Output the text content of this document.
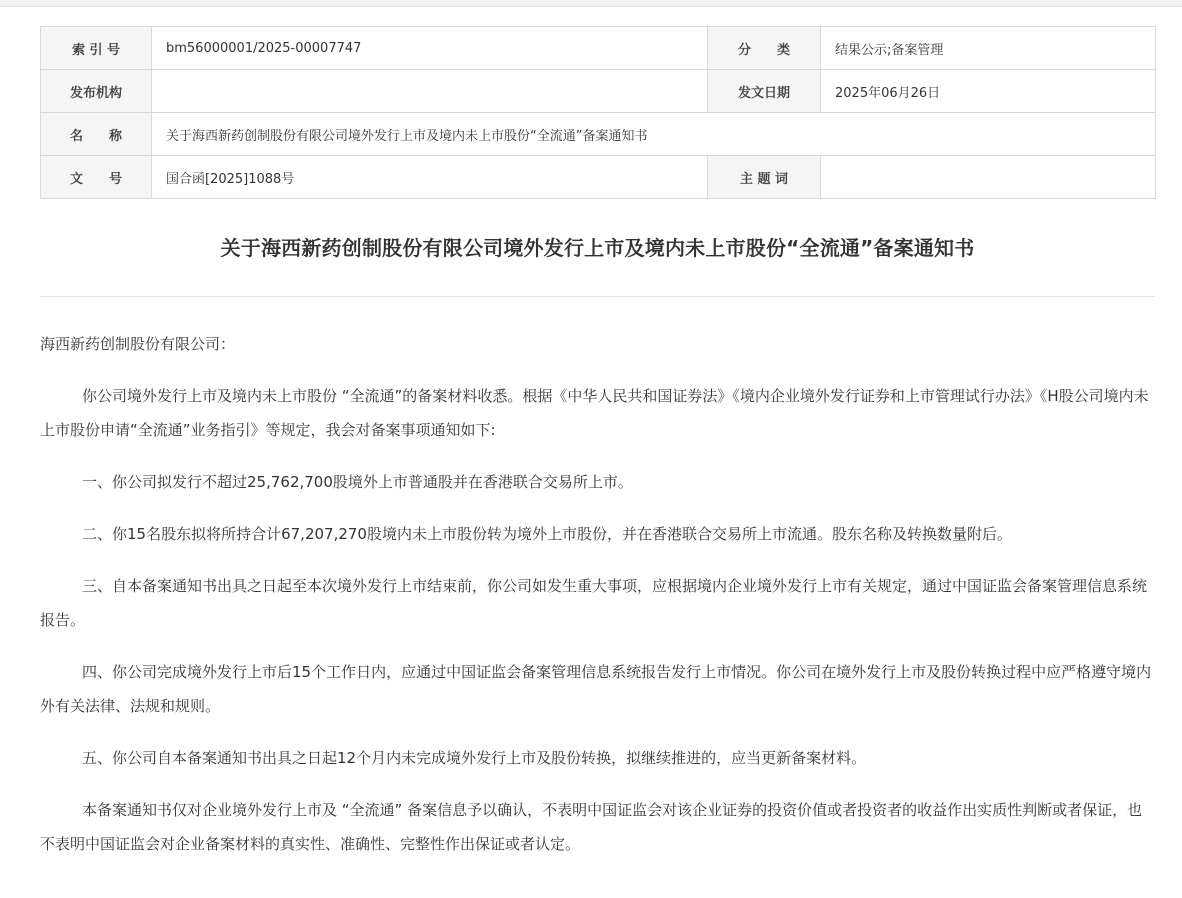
索 引 号	bm56000001/2025-00007747	分　　类	结果公示;备案管理
发布机构		发文日期	2025年06月26日
名　　称	关于海西新药创制股份有限公司境外发行上市及境内未上市股份“全流通”备案通知书		
文　　号	国合函[2025]1088号	主 题 词	
关于海西新药创制股份有限公司境外发行上市及境内未上市股份“全流通”备案通知书

海西新药创制股份有限公司：

你公司境外发行上市及境内未上市股份 “全流通”的备案材料收悉。根据《中华人民共和国证券法》《境内企业境外发行证券和上市管理试行办法》《H股公司境内未上市股份申请“全流通”业务指引》等规定，我会对备案事项通知如下:

一、你公司拟发行不超过25,762,700股境外上市普通股并在香港联合交易所上市。

二、你15名股东拟将所持合计67,207,270股境内未上市股份转为境外上市股份，并在香港联合交易所上市流通。股东名称及转换数量附后。

三、自本备案通知书出具之日起至本次境外发行上市结束前，你公司如发生重大事项，应根据境内企业境外发行上市有关规定，通过中国证监会备案管理信息系统报告。

四、你公司完成境外发行上市后15个工作日内，应通过中国证监会备案管理信息系统报告发行上市情况。你公司在境外发行上市及股份转换过程中应严格遵守境内外有关法律、法规和规则。

五、你公司自本备案通知书出具之日起12个月内未完成境外发行上市及股份转换，拟继续推进的，应当更新备案材料。

本备案通知书仅对企业境外发行上市及 “全流通” 备案信息予以确认，不表明中国证监会对该企业证券的投资价值或者投资者的收益作出实质性判断或者保证，也不表明中国证监会对企业备案材料的真实性、准确性、完整性作出保证或者认定。
